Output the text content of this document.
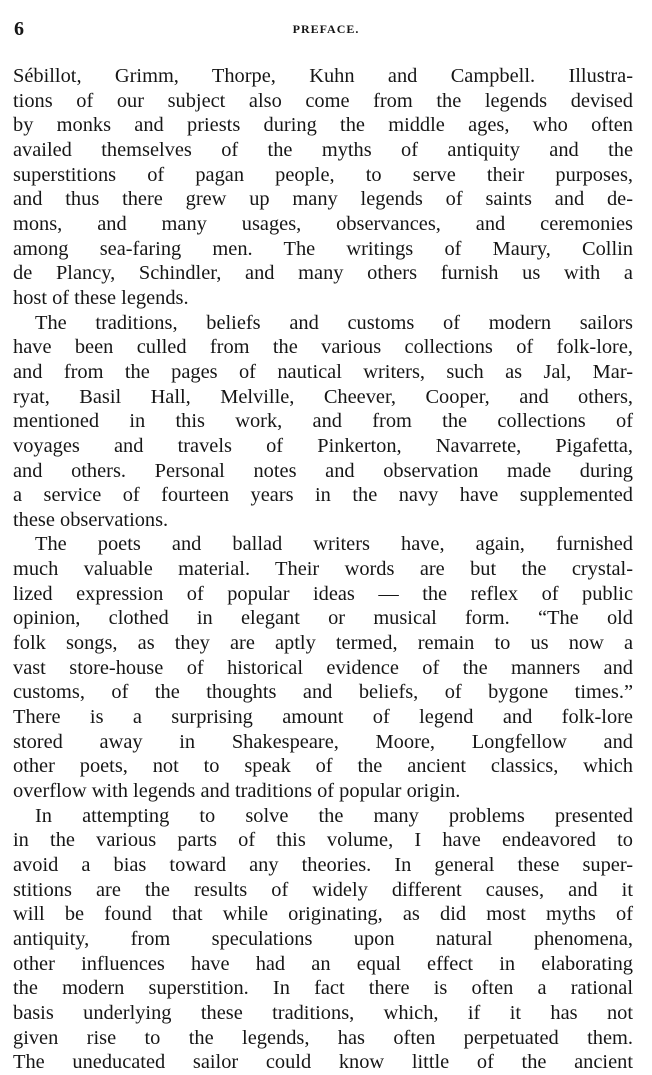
6	PREFACE.
Sébillot, Grimm, Thorpe, Kuhn and Campbell. Illustra-
tions of our subject also come from the legends devised
by monks and priests during the middle ages, who often
availed themselves of the myths of antiquity and the
superstitions of pagan people, to serve their purposes,
and thus there grew up many legends of saints and de-
mons, and many usages, observances, and ceremonies
among sea-faring men. The writings of Maury, Collin
de Plancy, Schindler, and many others furnish us with a
host of these legends.
The traditions, beliefs and customs of modern sailors
have been culled from the various collections of folk-lore,
and from the pages of nautical writers, such as Jal, Mar-
ryat, Basil Hall, Melville, Cheever, Cooper, and others,
mentioned in this work, and from the collections of
voyages and travels of Pinkerton, Navarrete, Pigafetta,
and others. Personal notes and observation made during
a service of fourteen years in the navy have supplemented
these observations.
The poets and ballad writers have, again, furnished
much valuable material. Their words are but the crystal-
lized expression of popular ideas — the reflex of public
opinion, clothed in elegant or musical form. “The old
folk songs, as they are aptly termed, remain to us now a
vast store-house of historical evidence of the manners and
customs, of the thoughts and beliefs, of bygone times.”
There is a surprising amount of legend and folk-lore
stored away in Shakespeare, Moore, Longfellow and
other poets, not to speak of the ancient classics, which
overflow with legends and traditions of popular origin.
In attempting to solve the many problems presented
in the various parts of this volume, I have endeavored to
avoid a bias toward any theories. In general these super-
stitions are the results of widely different causes, and it
will be found that while originating, as did most myths of
antiquity, from speculations upon natural phenomena,
other influences have had an equal effect in elaborating
the modern superstition. In fact there is often a rational
basis underlying these traditions, which, if it has not
given rise to the legends, has often perpetuated them.
The uneducated sailor could know little of the ancient
